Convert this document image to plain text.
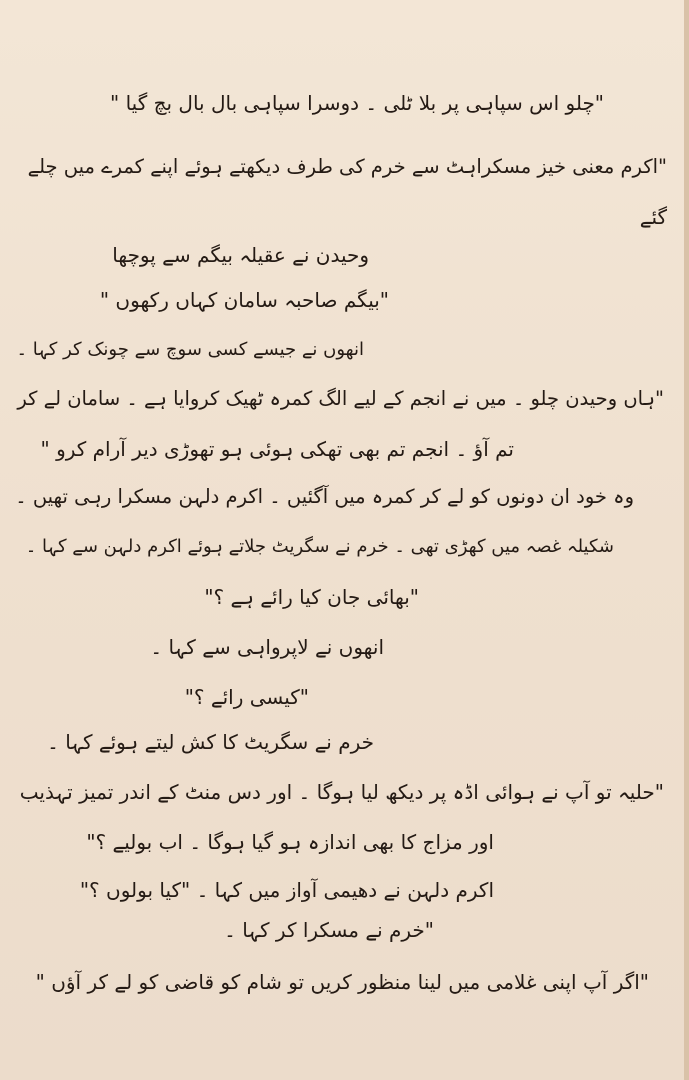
"چلو اس سپاہی پر بلا ٹلی ۔ دوسرا سپاہی بال بال بچ گیا "
"اکرم معنی خیز مسکراہٹ سے خرم کی طرف دیکھتے ہوئے اپنے کمرے میں چلے
گئے
وحیدن نے عقیلہ بیگم سے پوچھا
"بیگم صاحبہ سامان کہاں رکھوں "
انھوں نے جیسے کسی سوچ سے چونک کر کہا ۔
"ہاں وحیدن چلو ۔ میں نے انجم کے لیے الگ کمرہ ٹھیک کروایا ہے ۔ سامان لے کر
تم آؤ ۔ انجم تم بھی تھکی ہوئی ہو تھوڑی دیر آرام کرو "
وہ خود ان دونوں کو لے کر کمرہ میں آگئیں ۔ اکرم دلہن مسکرا رہی تھیں ۔
شکیلہ غصہ میں کھڑی تھی ۔ خرم نے سگریٹ جلاتے ہوئے اکرم دلہن سے کہا ۔
"بھائی جان کیا رائے ہے ؟"
انھوں نے لاپرواہی سے کہا ۔
"کیسی رائے ؟"
خرم نے سگریٹ کا کش لیتے ہوئے کہا ۔
"حلیہ تو آپ نے ہوائی اڈہ پر دیکھ لیا ہوگا ۔ اور دس منٹ کے اندر تمیز تہذیب
اور مزاج کا بھی اندازہ ہو گیا ہوگا ۔ اب بولیے ؟"
اکرم دلہن نے دھیمی آواز میں کہا ۔ "کیا بولوں ؟"
"خرم نے مسکرا کر کہا ۔
"اگر آپ اپنی غلامی میں لینا منظور کریں تو شام کو قاضی کو لے کر آؤں "
